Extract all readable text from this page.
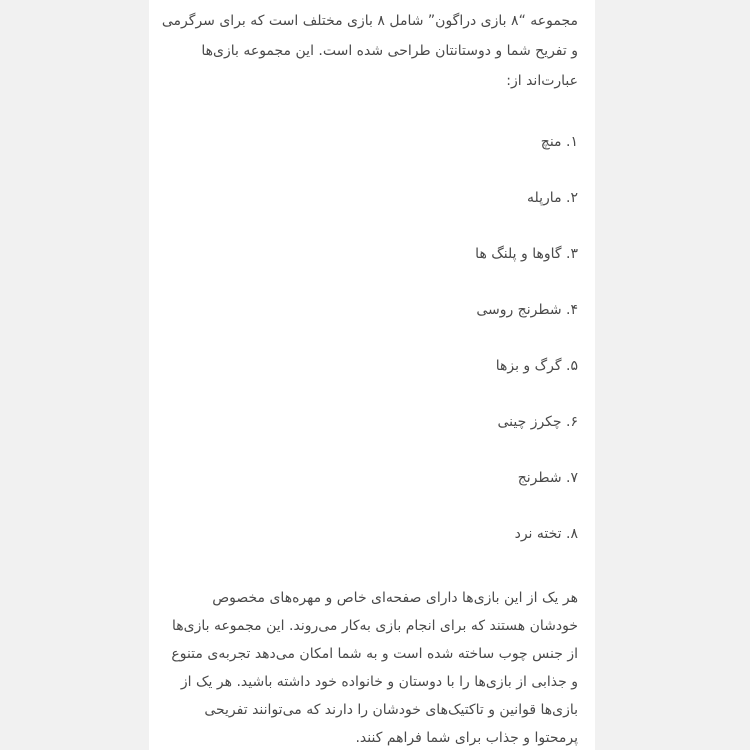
مجموعه “۸ بازی دراگون” شامل ۸ بازی مختلف است که برای سرگرمی و تفریح شما و دوستانتان طراحی شده است. این مجموعه بازی‌ها عبارت‌اند از:

۱. منچ
۲. مارپله
۳. گاوها و پلنگ ها
۴. شطرنج روسی
۵. گرگ و بزها
۶. چکرز چینی
۷. شطرنج
۸. تخته نرد

هر یک از این بازی‌ها دارای صفحه‌ای خاص و مهره‌های مخصوص خودشان هستند که برای انجام بازی به‌کار می‌روند. این مجموعه بازی‌ها از جنس چوب ساخته شده است و به شما امکان می‌دهد تجربه‌ی متنوع و جذابی از بازی‌ها را با دوستان و خانواده خود داشته باشید. هر یک از بازی‌ها قوانین و تاکتیک‌های خودشان را دارند که می‌توانند تفریحی پرمحتوا و جذاب برای شما فراهم کنند.
